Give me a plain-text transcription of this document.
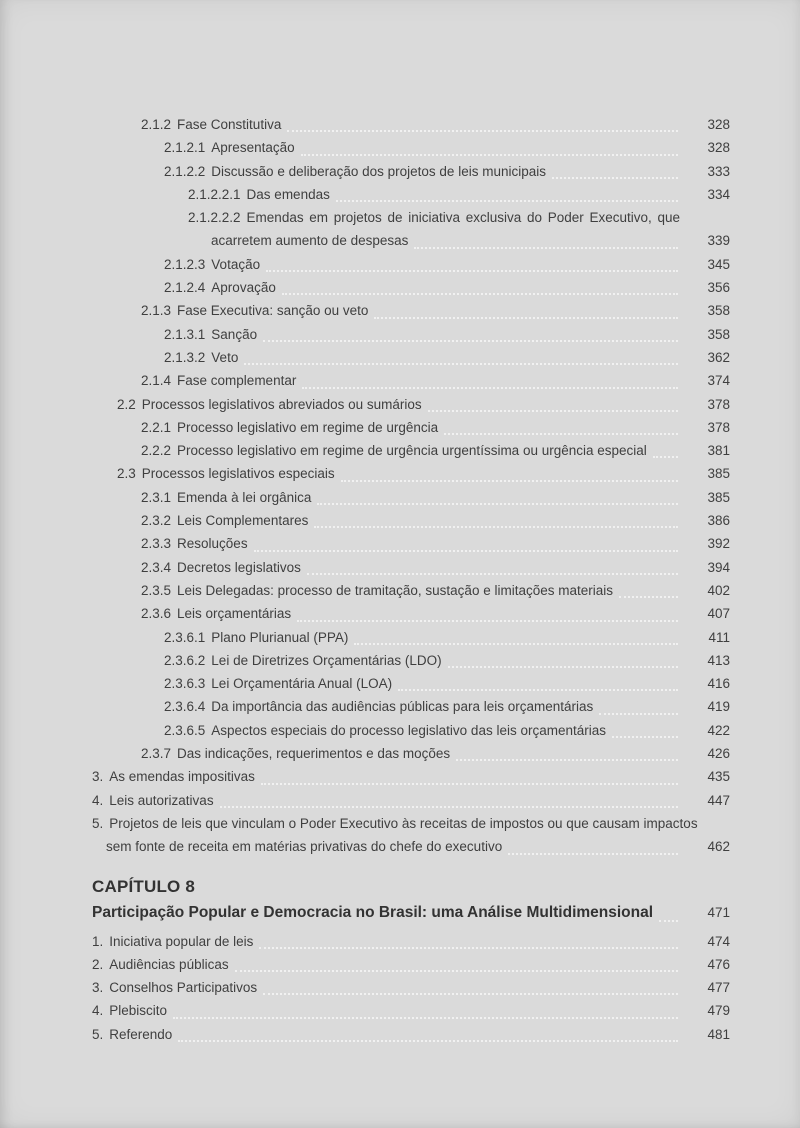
2.1.2 Fase Constitutiva	328
2.1.2.1 Apresentação	328
2.1.2.2 Discussão e deliberação dos projetos de leis municipais	333
2.1.2.2.1 Das emendas	334
2.1.2.2.2 Emendas em projetos de iniciativa exclusiva do Poder Executivo, que
acarretem aumento de despesas	339
2.1.2.3 Votação	345
2.1.2.4 Aprovação	356
2.1.3 Fase Executiva: sanção ou veto	358
2.1.3.1 Sanção	358
2.1.3.2 Veto	362
2.1.4 Fase complementar	374
2.2 Processos legislativos abreviados ou sumários	378
2.2.1 Processo legislativo em regime de urgência	378
2.2.2 Processo legislativo em regime de urgência urgentíssima ou urgência especial	381
2.3 Processos legislativos especiais	385
2.3.1 Emenda à lei orgânica	385
2.3.2 Leis Complementares	386
2.3.3 Resoluções	392
2.3.4 Decretos legislativos	394
2.3.5 Leis Delegadas: processo de tramitação, sustação e limitações materiais	402
2.3.6 Leis orçamentárias	407
2.3.6.1 Plano Plurianual (PPA)	411
2.3.6.2 Lei de Diretrizes Orçamentárias (LDO)	413
2.3.6.3 Lei Orçamentária Anual (LOA)	416
2.3.6.4 Da importância das audiências públicas para leis orçamentárias	419
2.3.6.5 Aspectos especiais do processo legislativo das leis orçamentárias	422
2.3.7 Das indicações, requerimentos e das moções	426
3. As emendas impositivas	435
4. Leis autorizativas	447
5. Projetos de leis que vinculam o Poder Executivo às receitas de impostos ou que causam impactos
sem fonte de receita em matérias privativas do chefe do executivo	462
CAPÍTULO 8
Participação Popular e Democracia no Brasil: uma Análise Multidimensional	471
1. Iniciativa popular de leis	474
2. Audiências públicas	476
3. Conselhos Participativos	477
4. Plebiscito	479
5. Referendo	481
